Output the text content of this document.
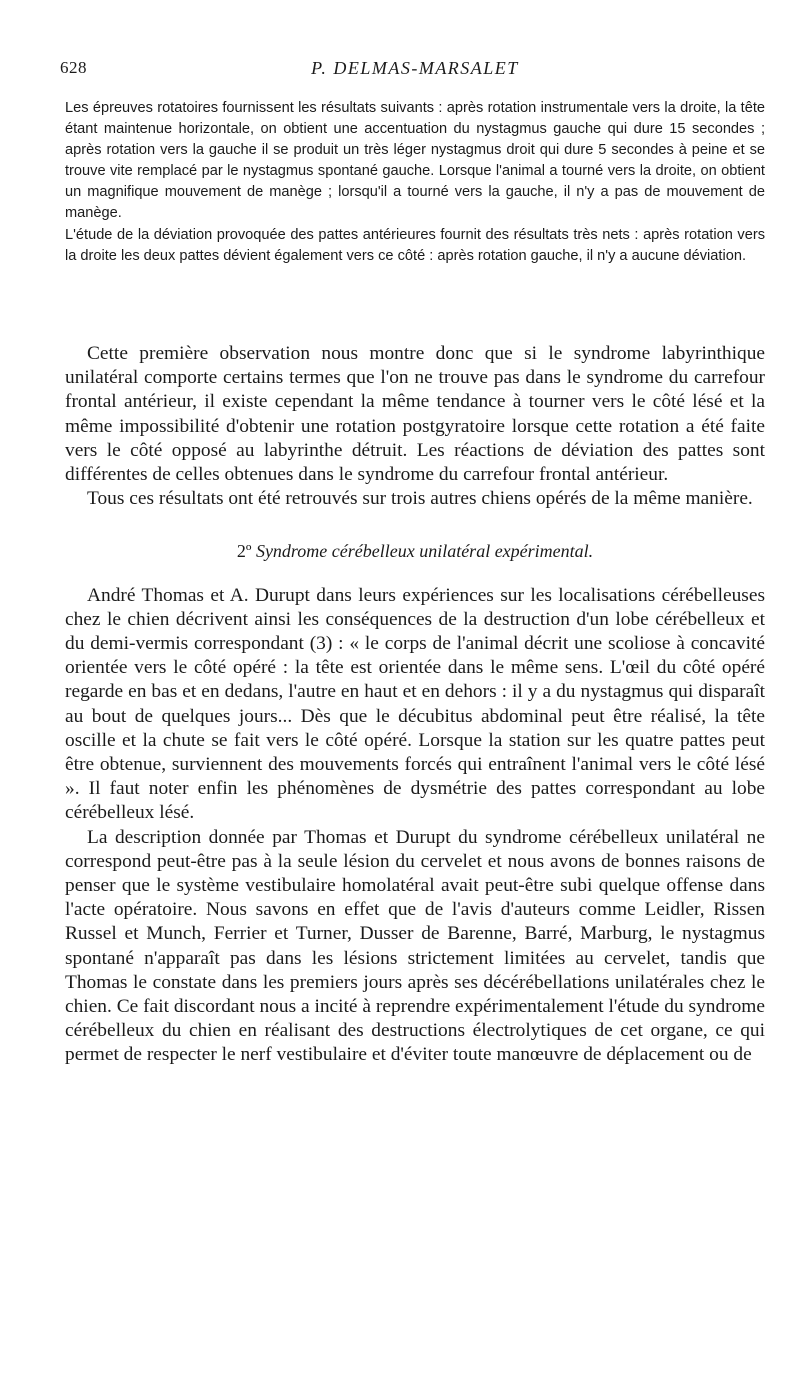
628	P. DELMAS-MARSALET

Les épreuves rotatoires fournissent les résultats suivants : après rotation instrumentale vers la droite, la tête étant maintenue horizontale, on obtient une accentuation du nystagmus gauche qui dure 15 secondes ; après rotation vers la gauche il se produit un très léger nystagmus droit qui dure 5 secondes à peine et se trouve vite remplacé par le nystagmus spontané gauche. Lorsque l'animal a tourné vers la droite, on obtient un magnifique mouvement de manège ; lorsqu'il a tourné vers la gauche, il n'y a pas de mouvement de manège.

L'étude de la déviation provoquée des pattes antérieures fournit des résultats très nets : après rotation vers la droite les deux pattes dévient également vers ce côté : après rotation gauche, il n'y a aucune déviation.

Cette première observation nous montre donc que si le syndrome labyrinthique unilatéral comporte certains termes que l'on ne trouve pas dans le syndrome du carrefour frontal antérieur, il existe cependant la même tendance à tourner vers le côté lésé et la même impossibilité d'obtenir une rotation postgyratoire lorsque cette rotation a été faite vers le côté opposé au labyrinthe détruit. Les réactions de déviation des pattes sont différentes de celles obtenues dans le syndrome du carrefour frontal antérieur.

Tous ces résultats ont été retrouvés sur trois autres chiens opérés de la même manière.

2º Syndrome cérébelleux unilatéral expérimental.

André Thomas et A. Durupt dans leurs expériences sur les localisations cérébelleuses chez le chien décrivent ainsi les conséquences de la destruction d'un lobe cérébelleux et du demi-vermis correspondant (3) : « le corps de l'animal décrit une scoliose à concavité orientée vers le côté opéré : la tête est orientée dans le même sens. L'œil du côté opéré regarde en bas et en dedans, l'autre en haut et en dehors : il y a du nystagmus qui disparaît au bout de quelques jours... Dès que le décubitus abdominal peut être réalisé, la tête oscille et la chute se fait vers le côté opéré. Lorsque la station sur les quatre pattes peut être obtenue, surviennent des mouvements forcés qui entraînent l'animal vers le côté lésé ». Il faut noter enfin les phénomènes de dysmétrie des pattes correspondant au lobe cérébelleux lésé.

La description donnée par Thomas et Durupt du syndrome cérébelleux unilatéral ne correspond peut-être pas à la seule lésion du cervelet et nous avons de bonnes raisons de penser que le système vestibulaire homolatéral avait peut-être subi quelque offense dans l'acte opératoire. Nous savons en effet que de l'avis d'auteurs comme Leidler, Rissen Russel et Munch, Ferrier et Turner, Dusser de Barenne, Barré, Marburg, le nystagmus spontané n'apparaît pas dans les lésions strictement limitées au cervelet, tandis que Thomas le constate dans les premiers jours après ses décérébellations unilatérales chez le chien. Ce fait discordant nous a incité à reprendre expérimentalement l'étude du syndrome cérébelleux du chien en réalisant des destructions électrolytiques de cet organe, ce qui permet de respecter le nerf vestibulaire et d'éviter toute manœuvre de déplacement ou de
